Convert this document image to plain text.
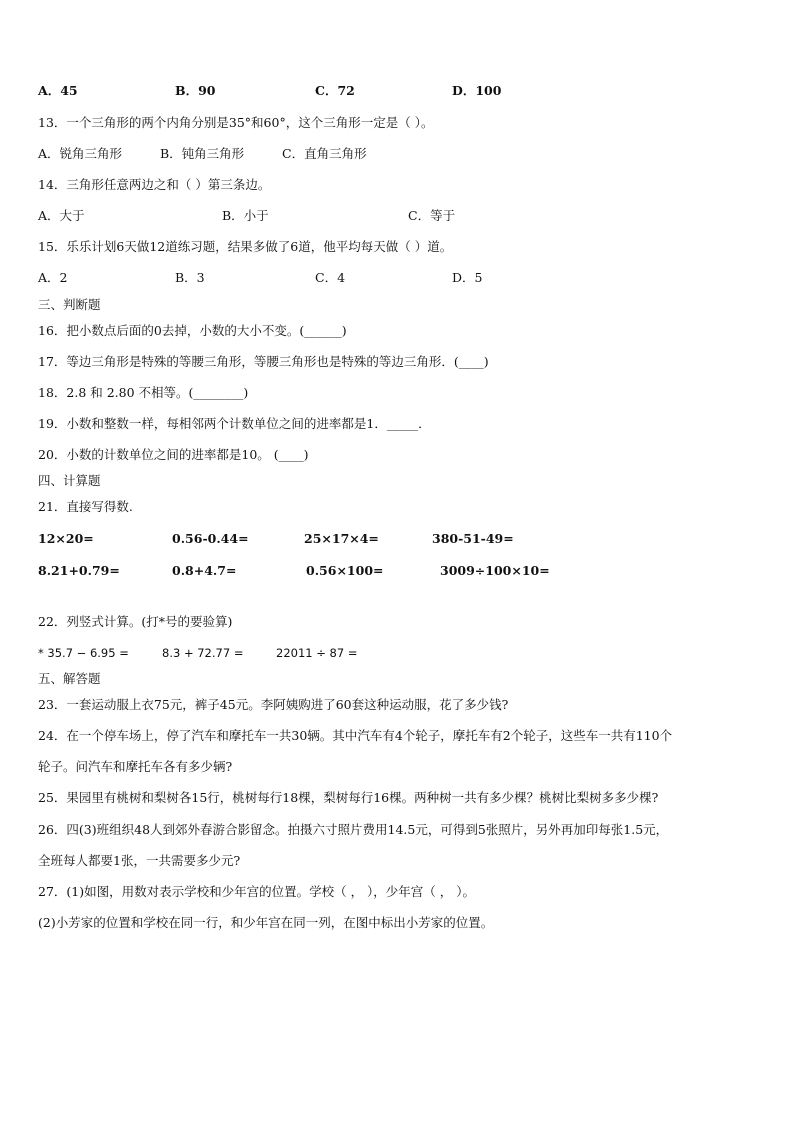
A．45	B．90	C．72	D．100
13．一个三角形的两个内角分别是35°和60°，这个三角形一定是（ ）。
A．锐角三角形	B．钝角三角形	C．直角三角形
14．三角形任意两边之和（ ）第三条边。
A．大于	B．小于	C．等于
15．乐乐计划6天做12道练习题，结果多做了6道，他平均每天做（ ）道。
A．2	B．3	C．4	D．5
三、判断题
16．把小数点后面的0去掉，小数的大小不变。(______)
17．等边三角形是特殊的等腰三角形，等腰三角形也是特殊的等边三角形．(____)
18．2.8 和 2.80 不相等。(________)
19．小数和整数一样，每相邻两个计数单位之间的进率都是1．_____．
20．小数的计数单位之间的进率都是10。 (____)
四、计算题
21．直接写得数.
12×20=	0.56-0.44=	25×17×4=	380-51-49=
8.21+0.79=	0.8+4.7=	0.56×100=	3009÷100×10=
22．列竖式计算。(打*号的要验算)
* 35.7 − 6.95 =	8.3 + 72.77 =	22011 ÷ 87 =
五、解答题
23．一套运动服上衣75元，裤子45元。李阿姨购进了60套这种运动服，花了多少钱?
24．在一个停车场上，停了汽车和摩托车一共30辆。其中汽车有4个轮子，摩托车有2个轮子，这些车一共有110个
轮子。问汽车和摩托车各有多少辆?
25．果园里有桃树和梨树各15行，桃树每行18棵，梨树每行16棵。两种树一共有多少棵？桃树比梨树多多少棵?
26．四(3)班组织48人到郊外春游合影留念。拍摄六寸照片费用14.5元，可得到5张照片，另外再加印每张1.5元，
全班每人都要1张，一共需要多少元?
27．(1)如图，用数对表示学校和少年宫的位置。学校（ ， ），少年宫（ ， ）。
(2)小芳家的位置和学校在同一行，和少年宫在同一列，在图中标出小芳家的位置。
